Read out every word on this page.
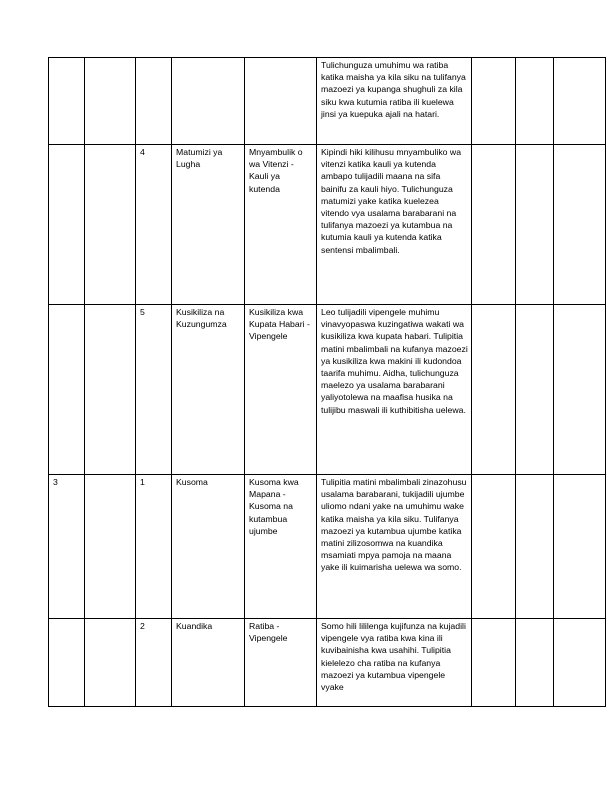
					Tulichunguza umuhimu wa ratiba katika maisha ya kila siku na tulifanya mazoezi ya kupanga shughuli za kila siku kwa kutumia ratiba ili kuelewa jinsi ya kuepuka ajali na hatari.			
		4	Matumizi ya Lugha	Mnyambulik o wa Vitenzi - Kauli ya kutenda	Kipindi hiki kilihusu mnyambuliko wa vitenzi katika kauli ya kutenda ambapo tulijadili maana na sifa bainifu za kauli hiyo. Tulichunguza matumizi yake katika kuelezea vitendo vya usalama barabarani na tulifanya mazoezi ya kutambua na kutumia kauli ya kutenda katika sentensi mbalimbali.			
		5	Kusikiliza na Kuzungumza	Kusikiliza kwa Kupata Habari - Vipengele	Leo tulijadili vipengele muhimu vinavyopaswa kuzingatiwa wakati wa kusikiliza kwa kupata habari. Tulipitia matini mbalimbali na kufanya mazoezi ya kusikiliza kwa makini ili kudondoa taarifa muhimu. Aidha, tulichunguza maelezo ya usalama barabarani yaliyotolewa na maafisa husika na tulijibu maswali ili kuthibitisha uelewa.			
3		1	Kusoma	Kusoma kwa Mapana - Kusoma na kutambua ujumbe	Tulipitia matini mbalimbali zinazohusu usalama barabarani, tukijadili ujumbe uliomo ndani yake na umuhimu wake katika maisha ya kila siku. Tulifanya mazoezi ya kutambua ujumbe katika matini zilizosomwa na kuandika msamiati mpya pamoja na maana yake ili kuimarisha uelewa wa somo.			
		2	Kuandika	Ratiba - Vipengele	Somo hili lililenga kujifunza na kujadili vipengele vya ratiba kwa kina ili kuvibainisha kwa usahihi. Tulipitia kielelezo cha ratiba na kufanya mazoezi ya kutambua vipengele vyake			
